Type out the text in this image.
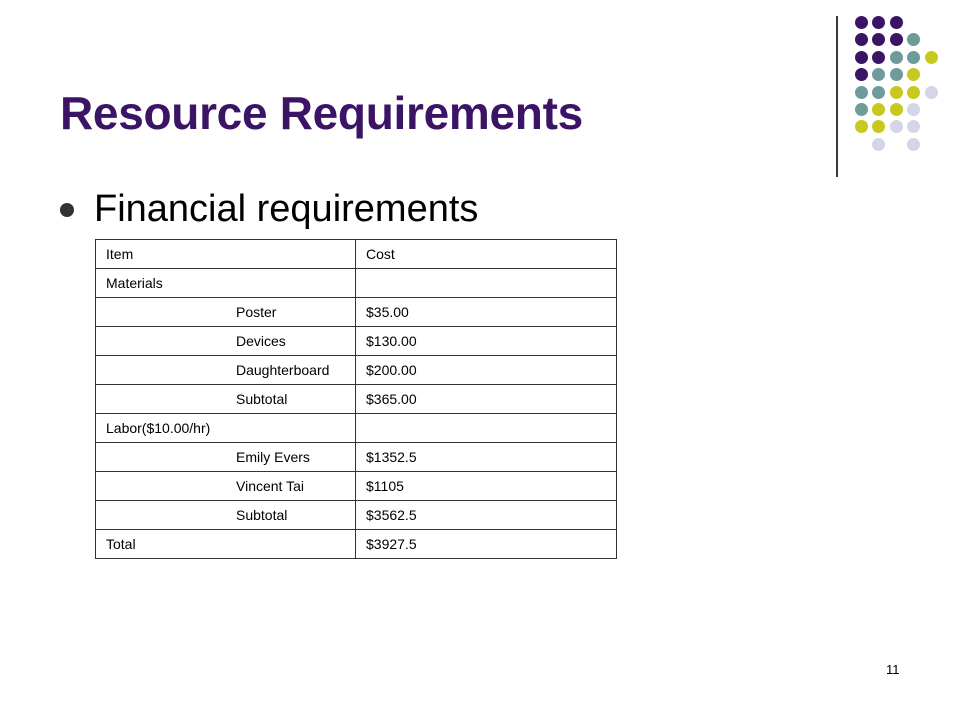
Resource Requirements
Financial requirements
Item	Cost
Materials	
Poster	$35.00
Devices	$130.00
Daughterboard	$200.00
Subtotal	$365.00
Labor($10.00/hr)	
Emily Evers	$1352.5
Vincent Tai	$1105
Subtotal	$3562.5
Total	$3927.5
11
